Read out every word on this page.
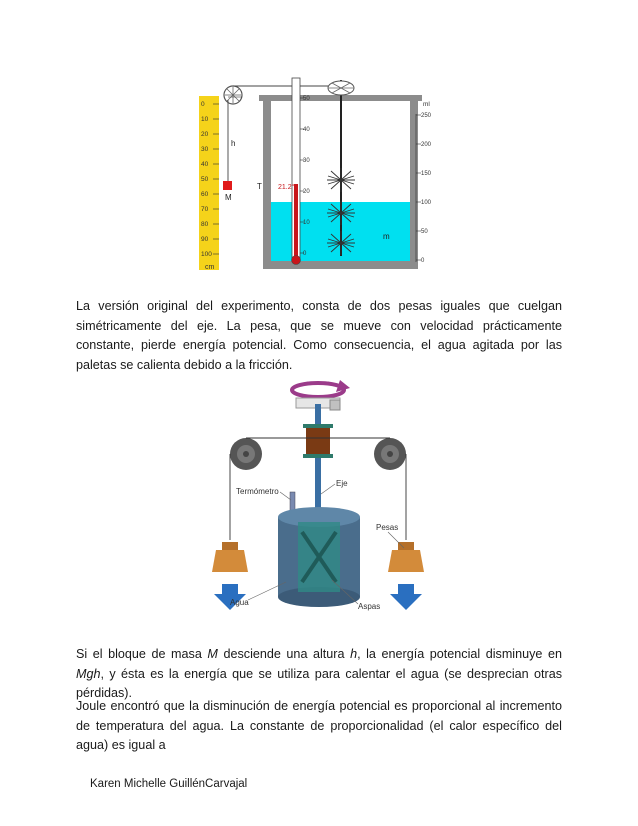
0
10
20
30
40
50
60
70
80
90
100
cm
M
h
50
40
30
20
10
0
21.2°
T
m
ml
250
200
150
100
50
0

La versión original del experimento, consta de dos pesas iguales que cuelgan simétricamente del eje. La pesa, que se mueve con velocidad prácticamente constante, pierde energía potencial. Como consecuencia, el agua agitada por las paletas se calienta debido a la fricción.

Termómetro
Eje
Pesas
Agua	Aspas

Si el bloque de masa M desciende una altura h, la energía potencial disminuye en Mgh, y ésta es la energía que se utiliza para calentar el agua (se desprecian otras pérdidas).

Joule encontró que la disminución de energía potencial es proporcional al incremento de temperatura del agua. La constante de proporcionalidad (el calor específico del agua) es igual a

Karen Michelle GuillénCarvajal
